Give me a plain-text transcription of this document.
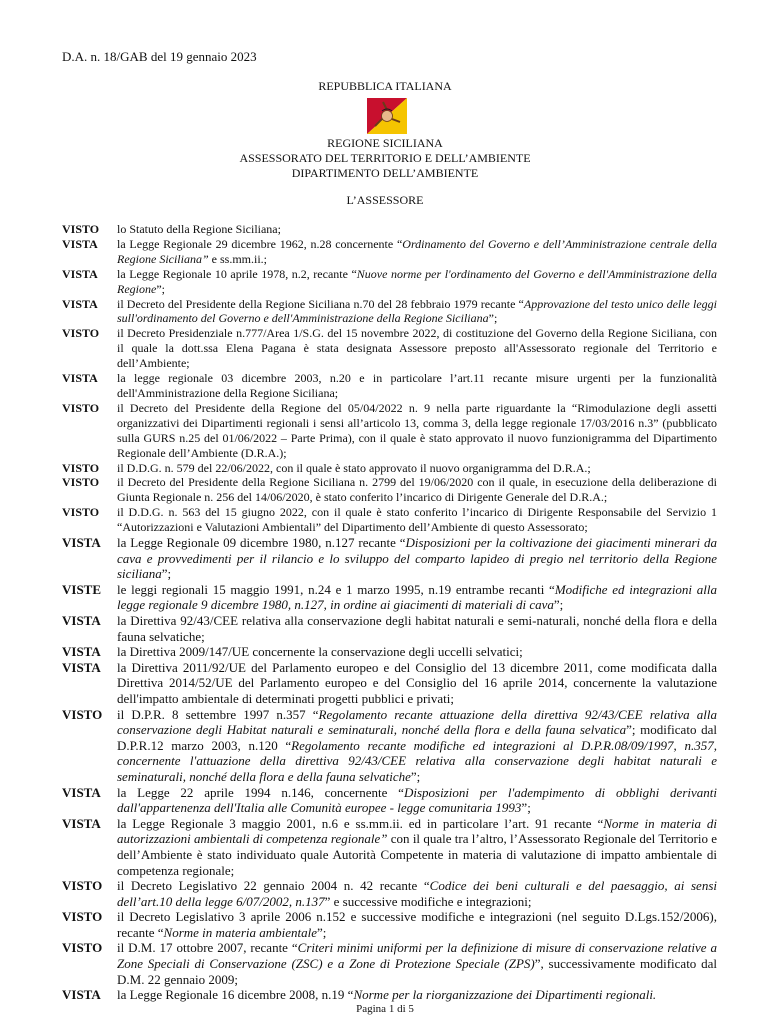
D.A. n. 18/GAB del 19 gennaio 2023
REPUBBLICA ITALIANA
REGIONE SICILIANA
ASSESSORATO DEL TERRITORIO E DELL’AMBIENTE
DIPARTIMENTO DELL’AMBIENTE
L’ASSESSORE
VISTO	lo Statuto della Regione Siciliana;
VISTA	la Legge Regionale 29 dicembre 1962, n.28 concernente “Ordinamento del Governo e dell’Amministrazione centrale della Regione Siciliana” e ss.mm.ii.;
VISTA	la Legge Regionale 10 aprile 1978, n.2, recante “Nuove norme per l'ordinamento del Governo e dell'Amministrazione della Regione”;
VISTA	il Decreto del Presidente della Regione Siciliana n.70 del 28 febbraio 1979 recante “Approvazione del testo unico delle leggi sull'ordinamento del Governo e dell'Amministrazione della Regione Siciliana”;
VISTO	il Decreto Presidenziale n.777/Area 1/S.G. del 15 novembre 2022, di costituzione del Governo della Regione Siciliana, con il quale la dott.ssa Elena Pagana è stata designata Assessore preposto all'Assessorato regionale del Territorio e dell’Ambiente;
VISTA	la legge regionale 03 dicembre 2003, n.20 e in particolare l’art.11 recante misure urgenti per la funzionalità dell'Amministrazione della Regione Siciliana;
VISTO	il Decreto del Presidente della Regione del 05/04/2022 n. 9 nella parte riguardante la “Rimodulazione degli assetti organizzativi dei Dipartimenti regionali i sensi all’articolo 13, comma 3, della legge regionale 17/03/2016 n.3” (pubblicato sulla GURS n.25 del 01/06/2022 – Parte Prima), con il quale è stato approvato il nuovo funzionigramma del Dipartimento Regionale dell’Ambiente (D.R.A.);
VISTO	il D.D.G. n. 579 del 22/06/2022, con il quale è stato approvato il nuovo organigramma del D.R.A.;
VISTO	il Decreto del Presidente della Regione Siciliana n. 2799 del 19/06/2020 con il quale, in esecuzione della deliberazione di Giunta Regionale n. 256 del 14/06/2020, è stato conferito l’incarico di Dirigente Generale del D.R.A.;
VISTO	il D.D.G. n. 563 del 15 giugno 2022, con il quale è stato conferito l’incarico di Dirigente Responsabile del Servizio 1 “Autorizzazioni e Valutazioni Ambientali” del Dipartimento dell’Ambiente di questo Assessorato;
VISTA	la Legge Regionale 09 dicembre 1980, n.127 recante “Disposizioni per la coltivazione dei giacimenti minerari da cava e provvedimenti per il rilancio e lo sviluppo del comparto lapideo di pregio nel territorio della Regione siciliana”;
VISTE	le leggi regionali 15 maggio 1991, n.24 e 1 marzo 1995, n.19 entrambe recanti “Modifiche ed integrazioni alla legge regionale 9 dicembre 1980, n.127, in ordine ai giacimenti di materiali di cava”;
VISTA	la Direttiva 92/43/CEE relativa alla conservazione degli habitat naturali e semi-naturali, nonché della flora e della fauna selvatiche;
VISTA	la Direttiva 2009/147/UE concernente la conservazione degli uccelli selvatici;
VISTA	la Direttiva 2011/92/UE del Parlamento europeo e del Consiglio del 13 dicembre 2011, come modificata dalla Direttiva 2014/52/UE del Parlamento europeo e del Consiglio del 16 aprile 2014, concernente la valutazione dell'impatto ambientale di determinati progetti pubblici e privati;
VISTO	il D.P.R. 8 settembre 1997 n.357 “Regolamento recante attuazione della direttiva 92/43/CEE relativa alla conservazione degli Habitat naturali e seminaturali, nonché della flora e della fauna selvatica”; modificato dal D.P.R.12 marzo 2003, n.120 “Regolamento recante modifiche ed integrazioni al D.P.R.08/09/1997, n.357, concernente l'attuazione della direttiva 92/43/CEE relativa alla conservazione degli habitat naturali e seminaturali, nonché della flora e della fauna selvatiche”;
VISTA	la Legge 22 aprile 1994 n.146, concernente “Disposizioni per l'adempimento di obblighi derivanti dall'appartenenza dell'Italia alle Comunità europee - legge comunitaria 1993”;
VISTA	la Legge Regionale 3 maggio 2001, n.6 e ss.mm.ii. ed in particolare l’art. 91 recante “Norme in materia di autorizzazioni ambientali di competenza regionale” con il quale tra l’altro, l’Assessorato Regionale del Territorio e dell’Ambiente è stato individuato quale Autorità Competente in materia di valutazione di impatto ambientale di competenza regionale;
VISTO	il Decreto Legislativo 22 gennaio 2004 n. 42 recante “Codice dei beni culturali e del paesaggio, ai sensi dell’art.10 della legge 6/07/2002, n.137” e successive modifiche e integrazioni;
VISTO	il Decreto Legislativo 3 aprile 2006 n.152 e successive modifiche e integrazioni (nel seguito D.Lgs.152/2006), recante “Norme in materia ambientale”;
VISTO	il D.M. 17 ottobre 2007, recante “Criteri minimi uniformi per la definizione di misure di conservazione relative a Zone Speciali di Conservazione (ZSC) e a Zone di Protezione Speciale (ZPS)”, successivamente modificato dal D.M. 22 gennaio 2009;
VISTA	la Legge Regionale 16 dicembre 2008, n.19 “Norme per la riorganizzazione dei Dipartimenti regionali.
Pagina 1 di 5
